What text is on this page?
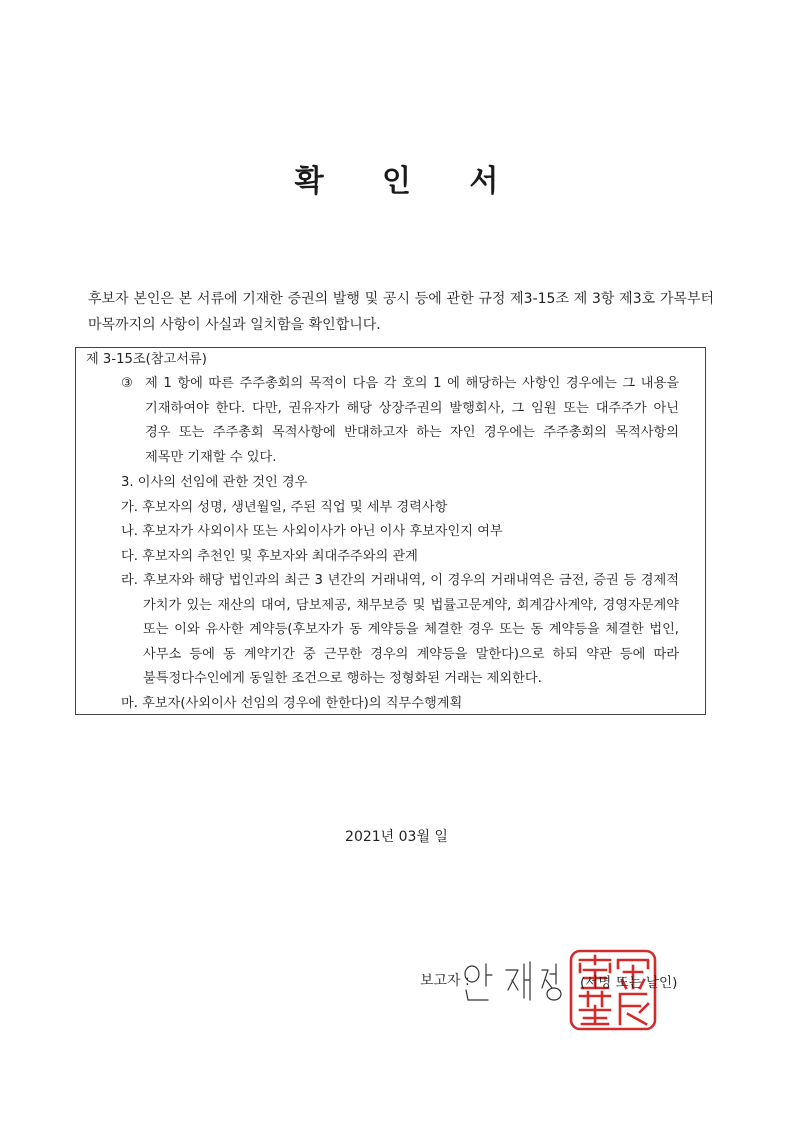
확 인 서
후보자 본인은 본 서류에 기재한 증권의 발행 및 공시 등에 관한 규정 제3-15조 제 3항 제3호 가목부터 마목까지의 사항이 사실과 일치함을 확인합니다.
제 3-15조(참고서류)
③ 제 1 항에 따른 주주총회의 목적이 다음 각 호의 1 에 해당하는 사항인 경우에는 그 내용을 기재하여야 한다. 다만, 권유자가 해당 상장주권의 발행회사, 그 임원 또는 대주주가 아닌 경우 또는 주주총회 목적사항에 반대하고자 하는 자인 경우에는 주주총회의 목적사항의 제목만 기재할 수 있다.
3. 이사의 선임에 관한 것인 경우
가. 후보자의 성명, 생년월일, 주된 직업 및 세부 경력사항
나. 후보자가 사외이사 또는 사외이사가 아닌 이사 후보자인지 여부
다. 후보자의 추천인 및 후보자와 최대주주와의 관계
라. 후보자와 해당 법인과의 최근 3 년간의 거래내역, 이 경우의 거래내역은 금전, 증권 등 경제적 가치가 있는 재산의 대여, 담보제공, 채무보증 및 법률고문계약, 회계감사계약, 경영자문계약 또는 이와 유사한 계약등(후보자가 동 계약등을 체결한 경우 또는 동 계약등을 체결한 법인, 사무소 등에 동 계약기간 중 근무한 경우의 계약등을 말한다)으로 하되 약관 등에 따라 불특정다수인에게 동일한 조건으로 행하는 정형화된 거래는 제외한다.
마. 후보자(사외이사 선임의 경우에 한한다)의 직무수행계획
2021년 03월 일
보고자 :	(서명 또는 날인)
